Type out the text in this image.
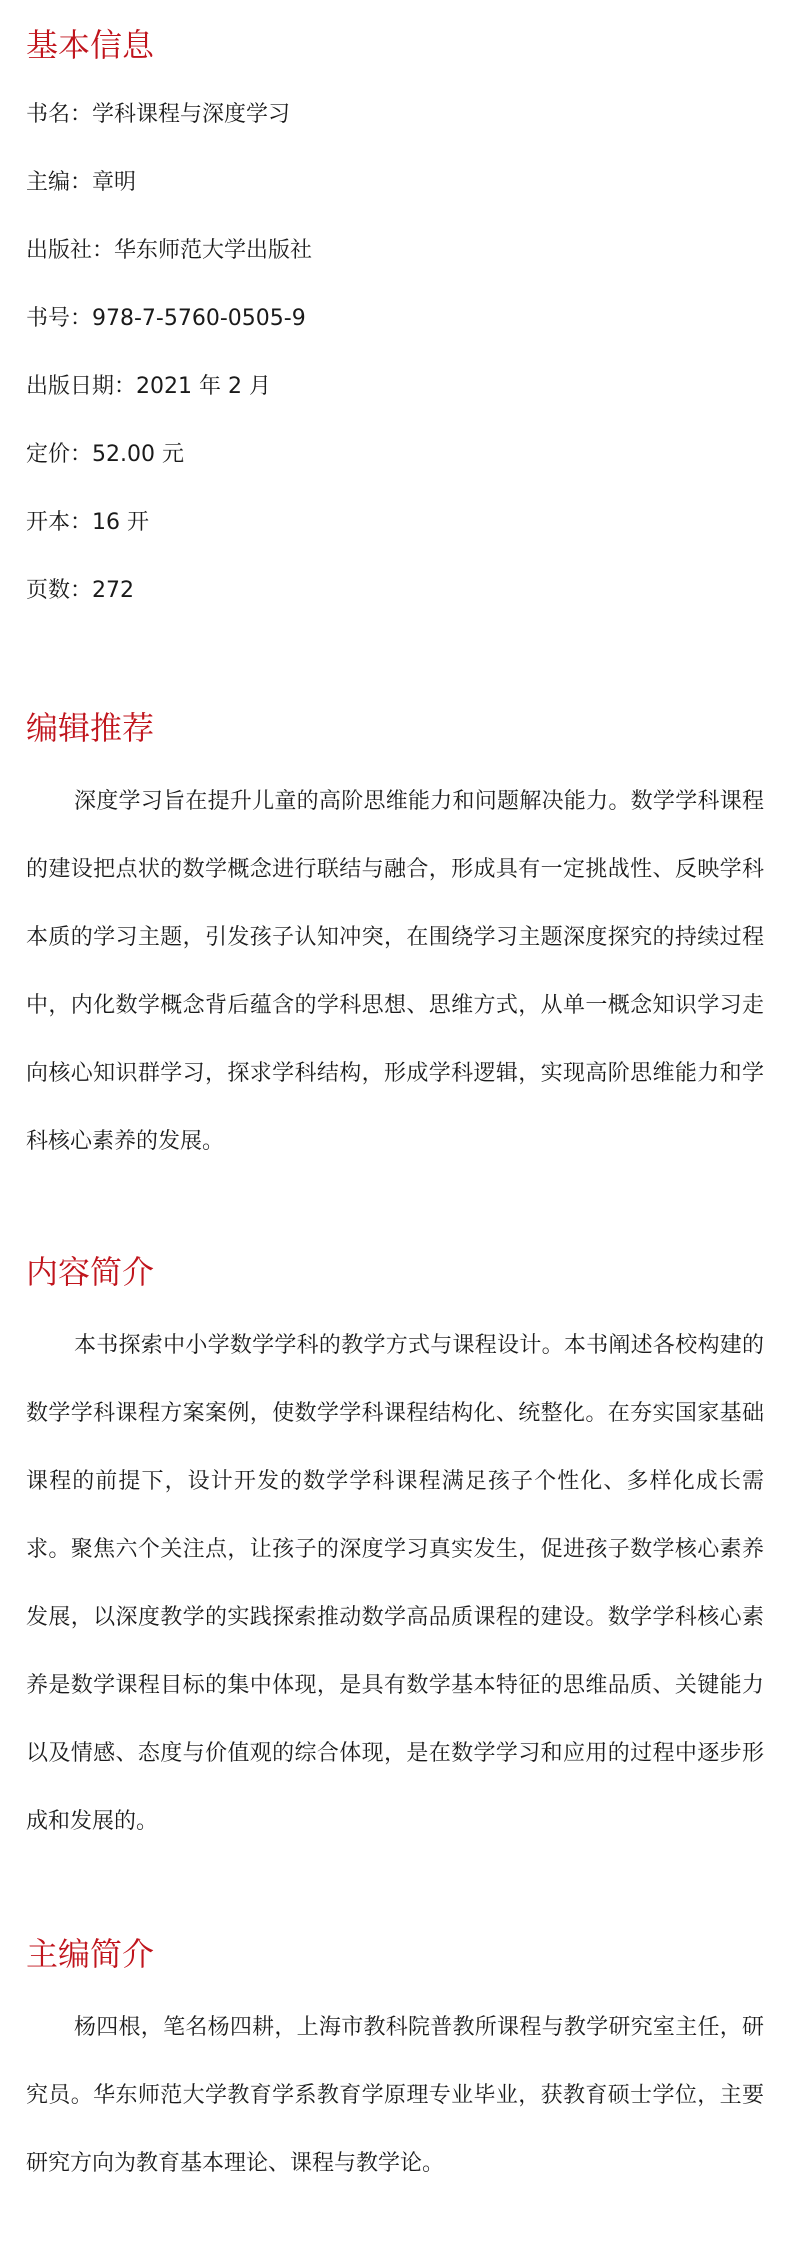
基本信息

书名：学科课程与深度学习

主编：章明

出版社：华东师范大学出版社

书号：978-7-5760-0505-9

出版日期：2021 年 2 月

定价：52.00 元

开本：16 开

页数：272

编辑推荐

深度学习旨在提升儿童的高阶思维能力和问题解决能力。数学学科课程的建设把点状的数学概念进行联结与融合，形成具有一定挑战性、反映学科本质的学习主题，引发孩子认知冲突，在围绕学习主题深度探究的持续过程中，内化数学概念背后蕴含的学科思想、思维方式，从单一概念知识学习走向核心知识群学习，探求学科结构，形成学科逻辑，实现高阶思维能力和学科核心素养的发展。

内容简介

本书探索中小学数学学科的教学方式与课程设计。本书阐述各校构建的数学学科课程方案案例，使数学学科课程结构化、统整化。在夯实国家基础课程的前提下，设计开发的数学学科课程满足孩子个性化、多样化成长需求。聚焦六个关注点，让孩子的深度学习真实发生，促进孩子数学核心素养发展，以深度教学的实践探索推动数学高品质课程的建设。数学学科核心素养是数学课程目标的集中体现，是具有数学基本特征的思维品质、关键能力以及情感、态度与价值观的综合体现，是在数学学习和应用的过程中逐步形成和发展的。

主编简介

杨四根，笔名杨四耕，上海市教科院普教所课程与教学研究室主任，研究员。华东师范大学教育学系教育学原理专业毕业，获教育硕士学位，主要研究方向为教育基本理论、课程与教学论。
